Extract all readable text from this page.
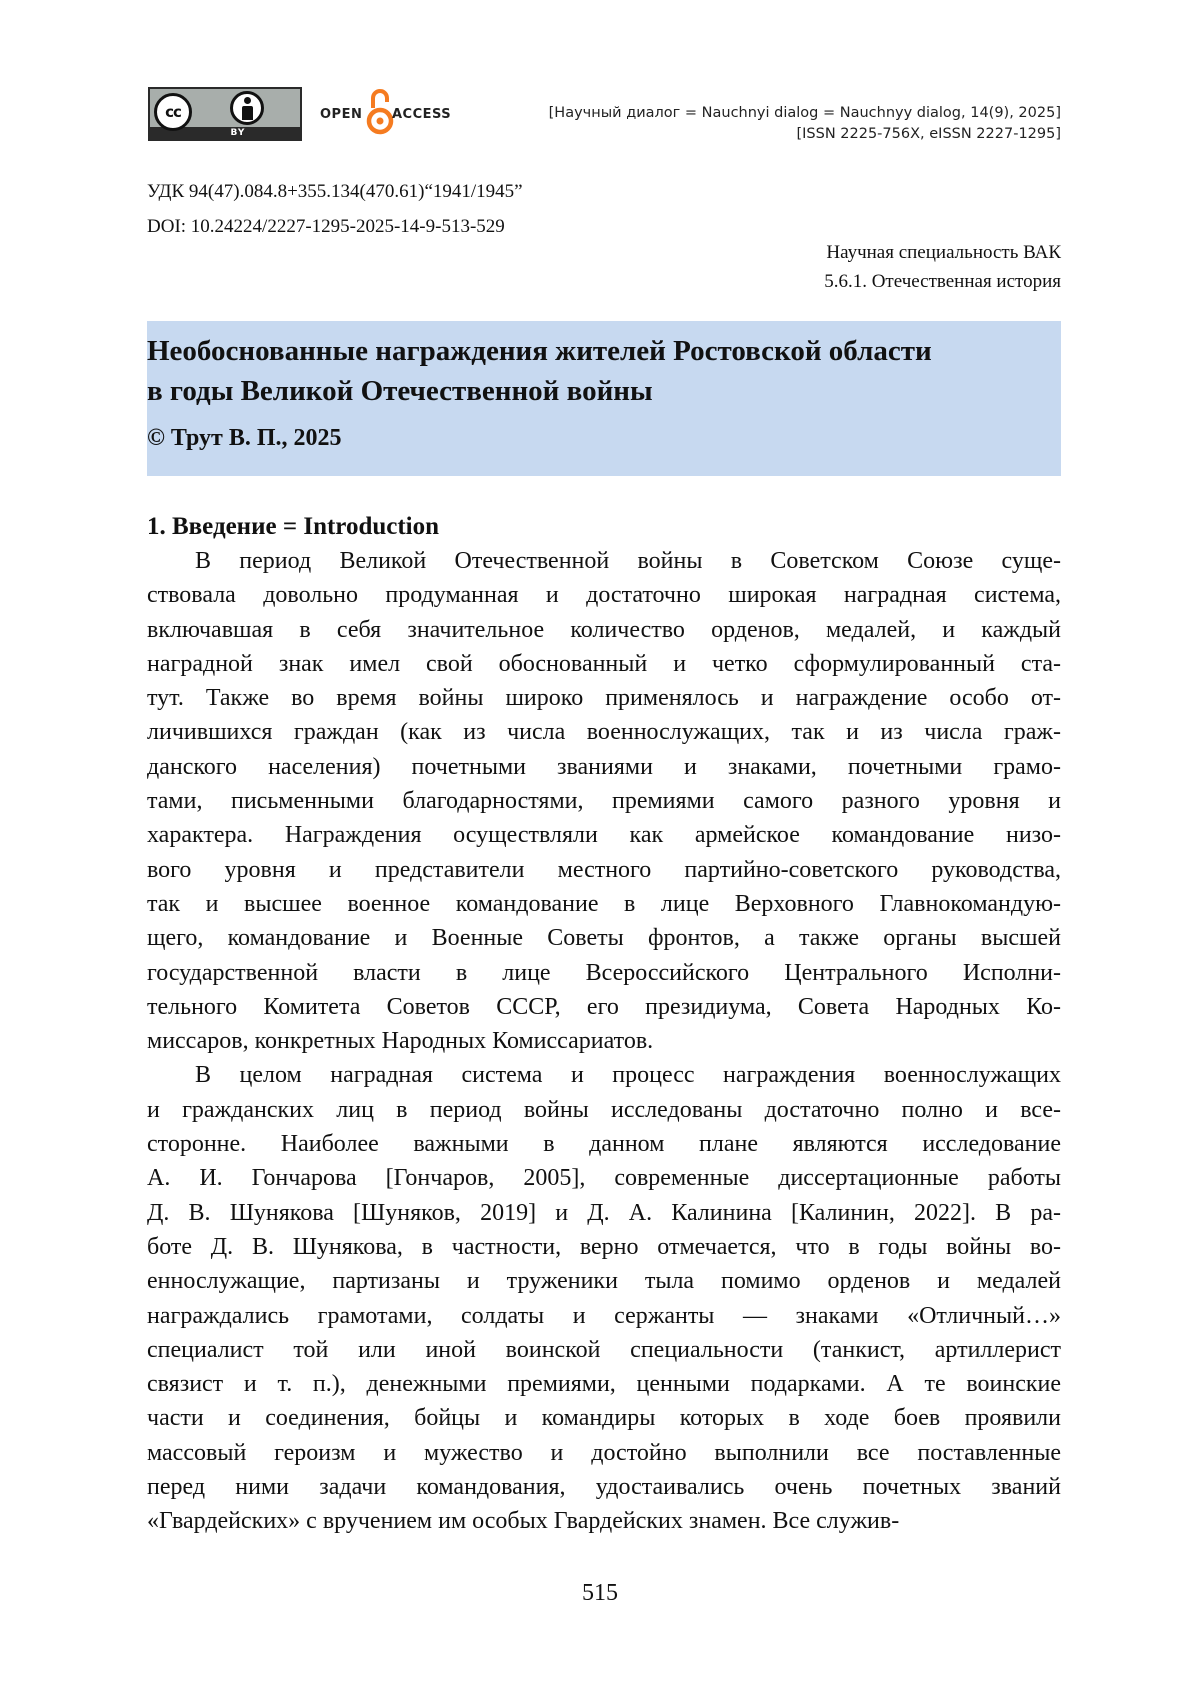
cc
BY
OPEN ACCESS	[Научный диалог = Nauchnyi dialog = Nauchnyy dialog, 14(9), 2025]
[ISSN 2225-756X, eISSN 2227-1295]
УДК 94(47).084.8+355.134(470.61)“1941/1945”
DOI: 10.24224/2227-1295-2025-14-9-513-529
Научная специальность ВАК
5.6.1. Отечественная история
Необоснованные награждения жителей Ростовской области
в годы Великой Отечественной войны
© Трут В. П., 2025
1. Введение = Introduction
В период Великой Отечественной войны в Советском Союзе суще-
ствовала довольно продуманная и достаточно широкая наградная система,
включавшая в себя значительное количество орденов, медалей, и каждый
наградной знак имел свой обоснованный и четко сформулированный ста-
тут. Также во время войны широко применялось и награждение особо от-
личившихся граждан (как из числа военнослужащих, так и из числа граж-
данского населения) почетными званиями и знаками, почетными грамо-
тами, письменными благодарностями, премиями самого разного уровня и
характера. Награждения осуществляли как армейское командование низо-
вого уровня и представители местного партийно-советского руководства,
так и высшее военное командование в лице Верховного Главнокомандую-
щего, командование и Военные Советы фронтов, а также органы высшей
государственной власти в лице Всероссийского Центрального Исполни-
тельного Комитета Советов СССР, его президиума, Совета Народных Ко-
миссаров, конкретных Народных Комиссариатов.
В целом наградная система и процесс награждения военнослужащих
и гражданских лиц в период войны исследованы достаточно полно и все-
сторонне. Наиболее важными в данном плане являются исследование
А. И. Гончарова [Гончаров, 2005], современные диссертационные работы
Д. В. Шунякова [Шуняков, 2019] и Д. А. Калинина [Калинин, 2022]. В ра-
боте Д. В. Шунякова, в частности, верно отмечается, что в годы войны во-
еннослужащие, партизаны и труженики тыла помимо орденов и медалей
награждались грамотами, солдаты и сержанты — знаками «Отличный…»
специалист той или иной воинской специальности (танкист, артиллерист
связист и т. п.), денежными премиями, ценными подарками. А те воинские
части и соединения, бойцы и командиры которых в ходе боев проявили
массовый героизм и мужество и достойно выполнили все поставленные
перед ними задачи командования, удостаивались очень почетных званий
«Гвардейских» с вручением им особых Гвардейских знамен. Все служив-
515
